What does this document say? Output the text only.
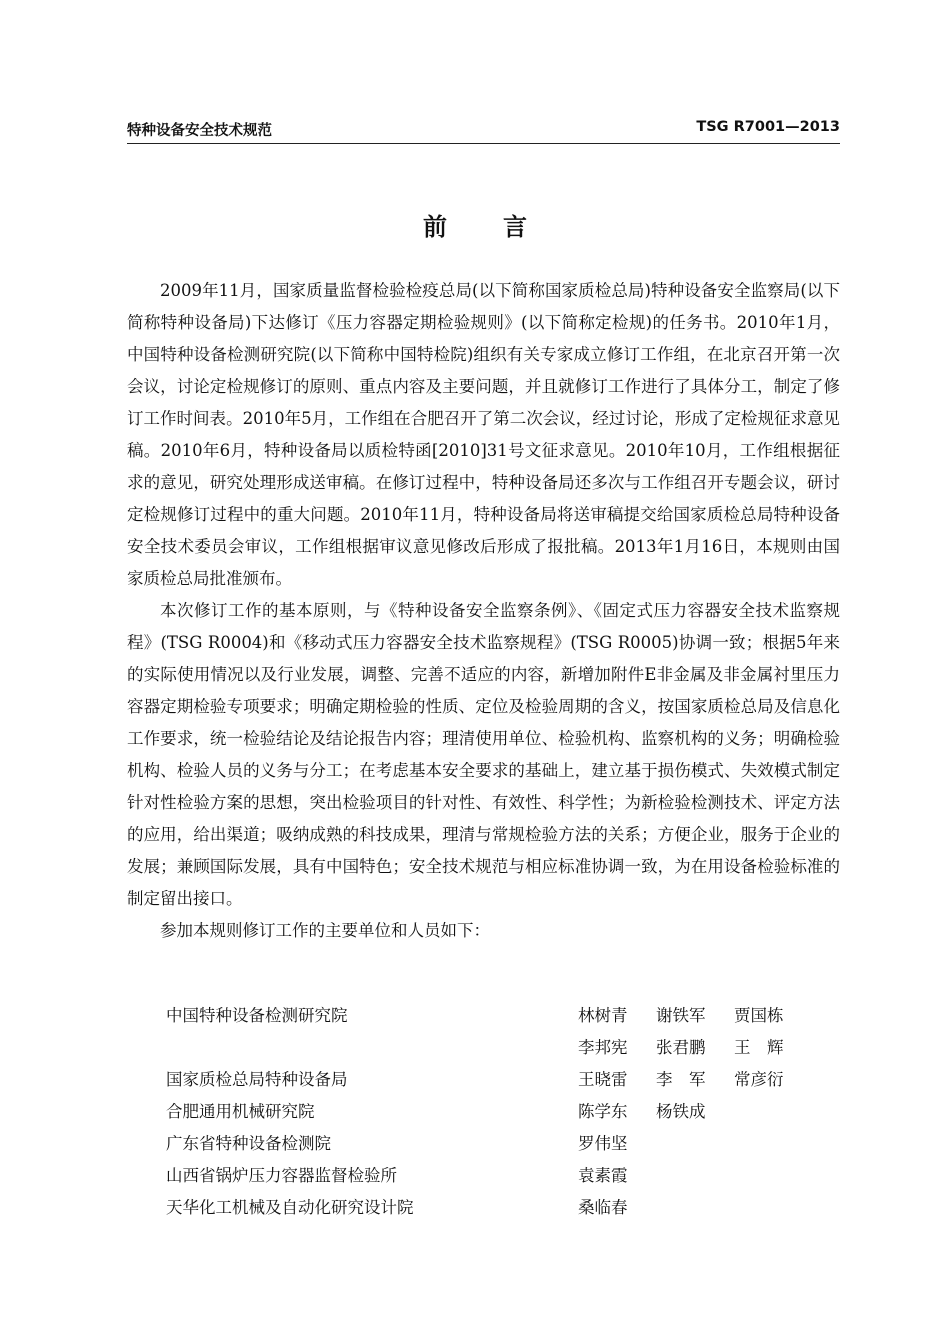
特种设备安全技术规范	TSG R7001—2013
前言

2009年11月，国家质量监督检验检疫总局(以下简称国家质检总局)特种设备安全监察局(以下简称特种设备局)下达修订《压力容器定期检验规则》(以下简称定检规)的任务书。2010年1月，中国特种设备检测研究院(以下简称中国特检院)组织有关专家成立修订工作组，在北京召开第一次会议，讨论定检规修订的原则、重点内容及主要问题，并且就修订工作进行了具体分工，制定了修订工作时间表。2010年5月，工作组在合肥召开了第二次会议，经过讨论，形成了定检规征求意见稿。2010年6月，特种设备局以质检特函[2010]31号文征求意见。2010年10月，工作组根据征求的意见，研究处理形成送审稿。在修订过程中，特种设备局还多次与工作组召开专题会议，研讨定检规修订过程中的重大问题。2010年11月，特种设备局将送审稿提交给国家质检总局特种设备安全技术委员会审议，工作组根据审议意见修改后形成了报批稿。2013年1月16日，本规则由国家质检总局批准颁布。

本次修订工作的基本原则，与《特种设备安全监察条例》、《固定式压力容器安全技术监察规程》(TSG R0004)和《移动式压力容器安全技术监察规程》(TSG R0005)协调一致；根据5年来的实际使用情况以及行业发展，调整、完善不适应的内容，新增加附件E非金属及非金属衬里压力容器定期检验专项要求；明确定期检验的性质、定位及检验周期的含义，按国家质检总局及信息化工作要求，统一检验结论及结论报告内容；理清使用单位、检验机构、监察机构的义务；明确检验机构、检验人员的义务与分工；在考虑基本安全要求的基础上，建立基于损伤模式、失效模式制定针对性检验方案的思想，突出检验项目的针对性、有效性、科学性；为新检验检测技术、评定方法的应用，给出渠道；吸纳成熟的科技成果，理清与常规检验方法的关系；方便企业，服务于企业的发展；兼顾国际发展，具有中国特色；安全技术规范与相应标准协调一致，为在用设备检验标准的制定留出接口。

参加本规则修订工作的主要单位和人员如下：

中国特种设备检测研究院	林树青 谢铁军 贾国栋
李邦宪 张君鹏 王　辉
国家质检总局特种设备局	王晓雷 李　军 常彦衍
合肥通用机械研究院	陈学东 杨铁成
广东省特种设备检测院	罗伟坚
山西省锅炉压力容器监督检验所	袁素霞
天华化工机械及自动化研究设计院	桑临春
